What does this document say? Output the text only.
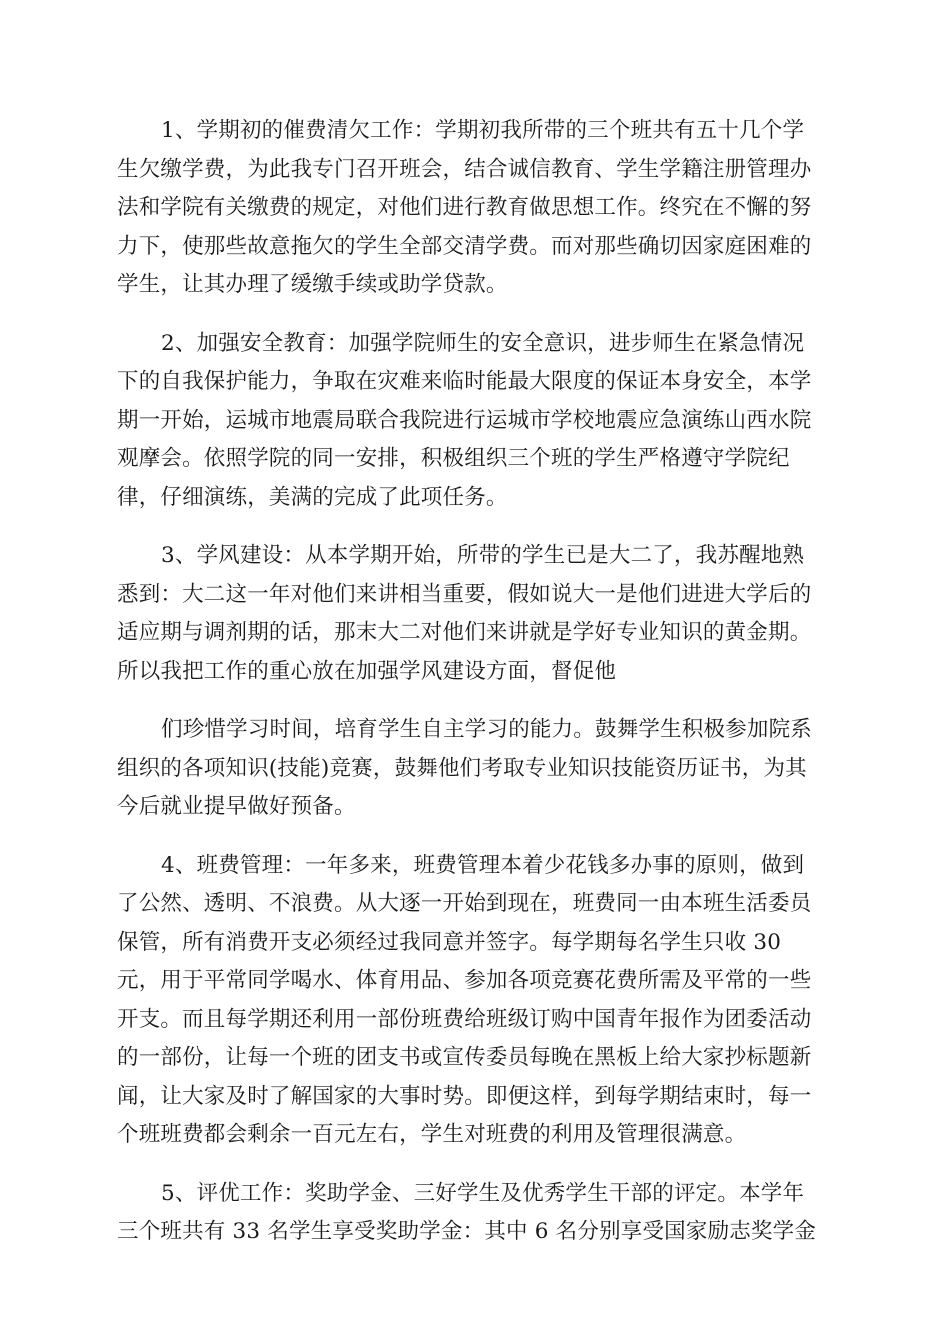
1、学期初的催费清欠工作：学期初我所带的三个班共有五十几个学
生欠缴学费，为此我专门召开班会，结合诚信教育、学生学籍注册管理办
法和学院有关缴费的规定，对他们进行教育做思想工作。终究在不懈的努
力下，使那些故意拖欠的学生全部交清学费。而对那些确切因家庭困难的
学生，让其办理了缓缴手续或助学贷款。

2、加强安全教育：加强学院师生的安全意识，进步师生在紧急情况
下的自我保护能力，争取在灾难来临时能最大限度的保证本身安全，本学
期一开始，运城市地震局联合我院进行运城市学校地震应急演练山西水院
观摩会。依照学院的同一安排，积极组织三个班的学生严格遵守学院纪
律，仔细演练，美满的完成了此项任务。

3、学风建设：从本学期开始，所带的学生已是大二了，我苏醒地熟
悉到：大二这一年对他们来讲相当重要，假如说大一是他们进进大学后的
适应期与调剂期的话，那末大二对他们来讲就是学好专业知识的黄金期。
所以我把工作的重心放在加强学风建设方面，督促他

们珍惜学习时间，培育学生自主学习的能力。鼓舞学生积极参加院系
组织的各项知识(技能)竞赛，鼓舞他们考取专业知识技能资历证书，为其
今后就业提早做好预备。

4、班费管理：一年多来，班费管理本着少花钱多办事的原则，做到
了公然、透明、不浪费。从大逐一开始到现在，班费同一由本班生活委员
保管，所有消费开支必须经过我同意并签字。每学期每名学生只收 30
元，用于平常同学喝水、体育用品、参加各项竞赛花费所需及平常的一些
开支。而且每学期还利用一部份班费给班级订购中国青年报作为团委活动
的一部份，让每一个班的团支书或宣传委员每晚在黑板上给大家抄标题新
闻，让大家及时了解国家的大事时势。即便这样，到每学期结束时，每一
个班班费都会剩余一百元左右，学生对班费的利用及管理很满意。

5、评优工作：奖助学金、三好学生及优秀学生干部的评定。本学年
三个班共有 33 名学生享受奖助学金：其中 6 名分别享受国家励志奖学金
